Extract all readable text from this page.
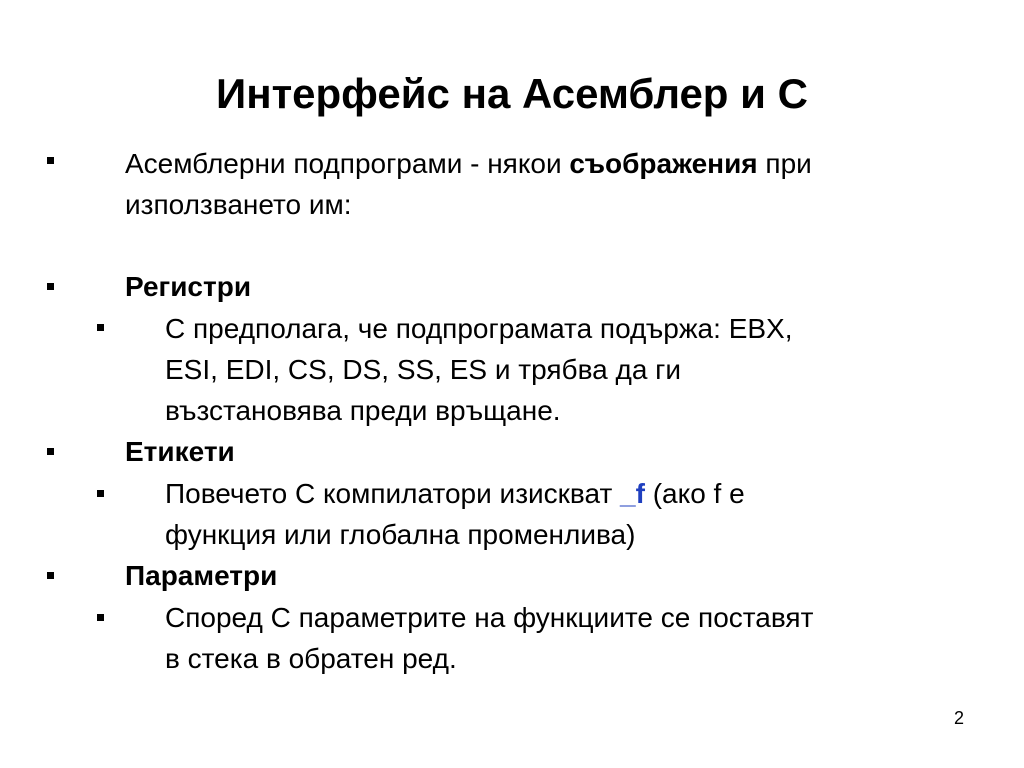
Интерфейс на Асемблер и С
Асемблерни подпрограми - някои съображения при
използването им:
Регистри
С предполага, че подпрограмата подържа: EBX,
ESI, EDI, CS, DS, SS, ES и трябва да ги
възстановява преди връщане.
Етикети
Повечето С компилатори изискват _f (ако f е
функция или глобална променлива)
Параметри
Според С параметрите на функциите се поставят
в стека в обратен ред.
2
